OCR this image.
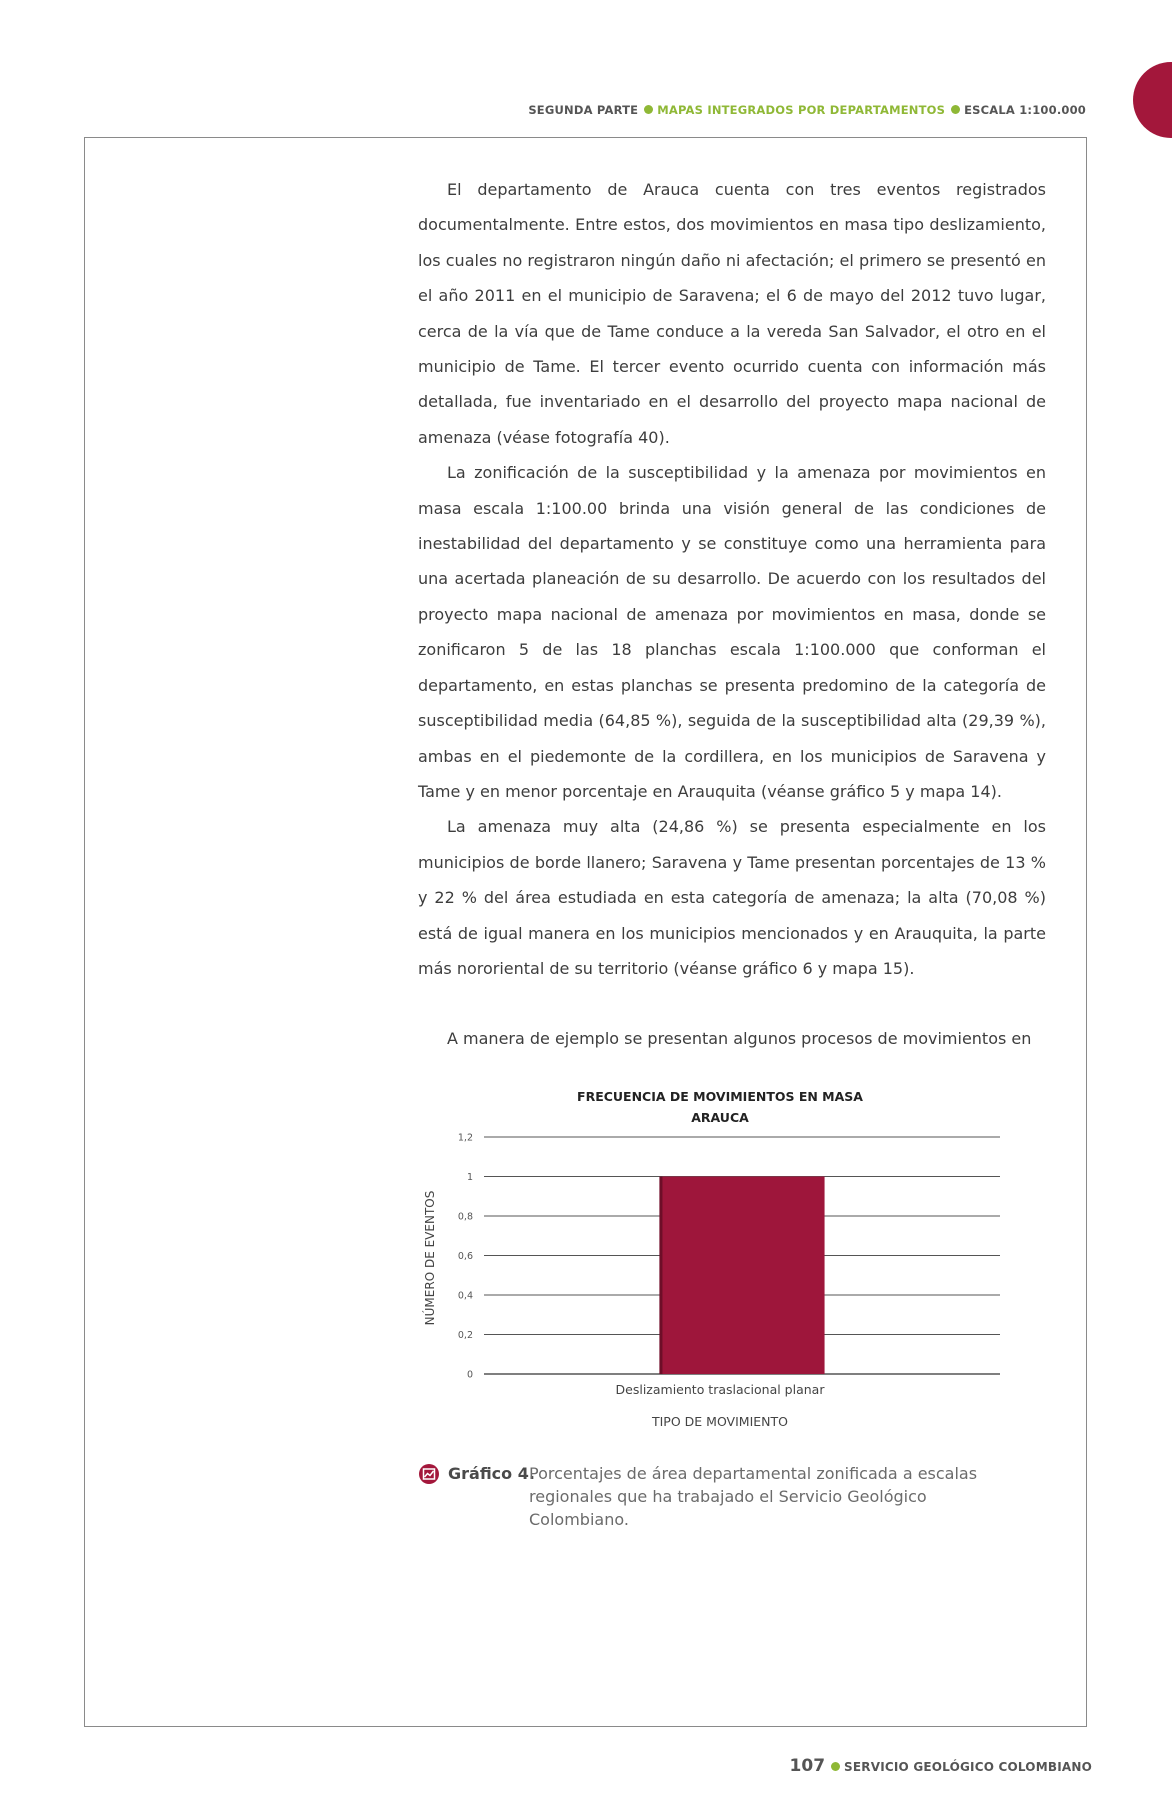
SEGUNDA PARTE MAPAS INTEGRADOS POR DEPARTAMENTOS ESCALA 1:100.000

El departamento de Arauca cuenta con tres eventos registrados documentalmente. Entre estos, dos movimientos en masa tipo deslizamiento, los cuales no registraron ningún daño ni afectación; el primero se presentó en el año 2011 en el municipio de Saravena; el 6 de mayo del 2012 tuvo lugar, cerca de la vía que de Tame conduce a la vereda San Salvador, el otro en el municipio de Tame. El tercer evento ocurrido cuenta con información más detallada, fue inventariado en el desarrollo del proyecto mapa nacional de amenaza (véase fotografía 40).

La zonificación de la susceptibilidad y la amenaza por movimientos en masa escala 1:100.00 brinda una visión general de las condiciones de inestabilidad del departamento y se constituye como una herramienta para una acertada planeación de su desarrollo. De acuerdo con los resultados del proyecto mapa nacional de amenaza por movimientos en masa, donde se zonificaron 5 de las 18 planchas escala 1:100.000 que conforman el departamento, en estas planchas se presenta predomino de la categoría de susceptibilidad media (64,85 %), seguida de la susceptibilidad alta (29,39 %), ambas en el piedemonte de la cordillera, en los municipios de Saravena y Tame y en menor porcentaje en Arauquita (véanse gráfico 5 y mapa 14).

La amenaza muy alta (24,86 %) se presenta especialmente en los municipios de borde llanero; Saravena y Tame presentan porcentajes de 13 % y 22 % del área estudiada en esta categoría de amenaza; la alta (70,08 %) está de igual manera en los municipios mencionados y en Arauquita, la parte más nororiental de su territorio (véanse gráfico 6 y mapa 15).

A manera de ejemplo se presentan algunos procesos de movimientos en

FRECUENCIA DE MOVIMIENTOS EN MASA
ARAUCA
0
0,2
0,4
0,6
0,8
1
1,2
Deslizamiento traslacional planar
TIPO DE MOVIMIENTO
NÚMERO DE EVENTOS
Gráfico 4.
Porcentajes de área departamental zonificada a escalas regionales que ha trabajado el Servicio Geológico Colombiano.
107 SERVICIO GEOLÓGICO COLOMBIANO
